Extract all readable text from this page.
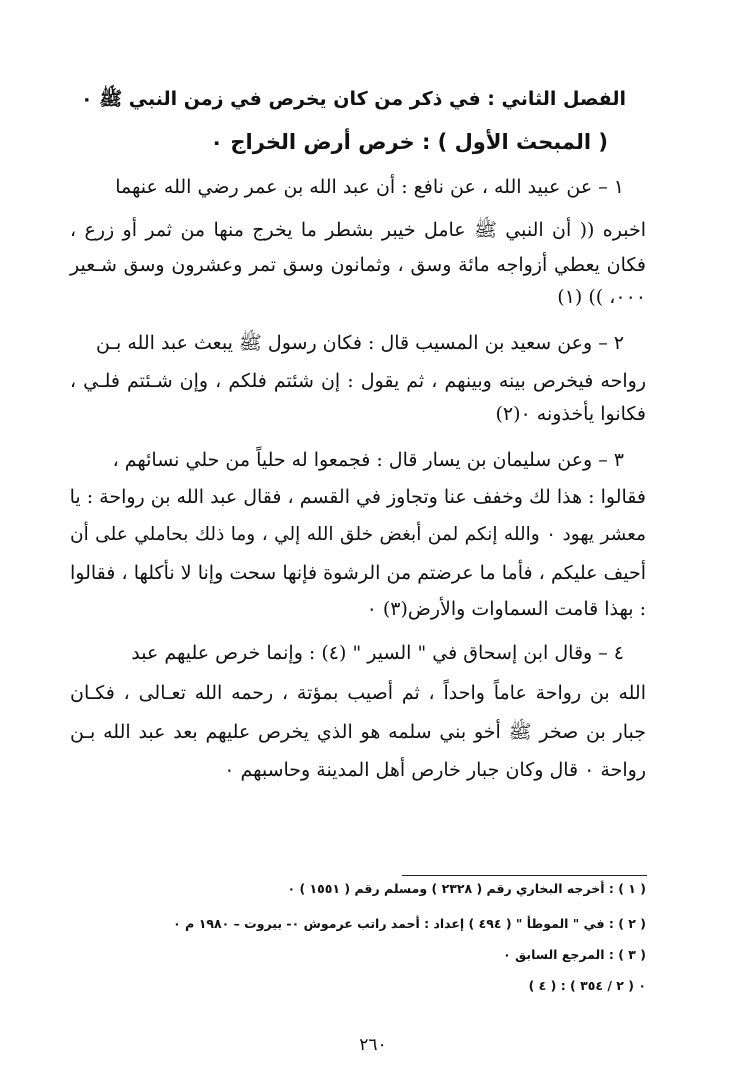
الفصل الثاني : في ذكر من كان يخرص في زمن النبي ﷺ ٠
( المبحث الأول ) : خرص أرض الخراج ٠
١ – عن عبيد الله ، عن نافع : أن عبد الله بن عمر رضي الله عنهما
اخبره (( أن النبي ﷺ عامل خيبر بشطر ما يخرج منها من ثمر أو زرع ،
فكان يعطي أزواجه مائة وسق ، وثمانون وسق تمر وعشرون وسق شـعير
٠٠٠، )) (١)
٢ – وعن سعيد بن المسيب قال : فكان رسول ﷺ يبعث عبد الله بـن
رواحه فيخرص بينه وبينهم ، ثم يقول : إن شئتم فلكم ، وإن شـئتم فلـي ،
فكانوا يأخذونه ٠(٢)
٣ – وعن سليمان بن يسار قال : فجمعوا له حلياً من حلي نسائهم ،
فقالوا : هذا لك وخفف عنا وتجاوز في القسم ، فقال عبد الله بن رواحة : يا
معشر يهود ٠ والله إنكم لمن أبغض خلق الله إلي ، وما ذلك بحاملي على أن
أحيف عليكم ، فأما ما عرضتم من الرشوة فإنها سحت وإنا لا نأكلها ، فقالوا
: بهذا قامت السماوات والأرض(٣) ٠
٤ – وقال ابن إسحاق في " السير " (٤) : وإنما خرص عليهم عبد
الله بن رواحة عاماً واحداً ، ثم أصيب بمؤتة ، رحمه الله تعـالى ، فكـان
جبار بن صخر ﷺ أخو بني سلمه هو الذي يخرص عليهم بعد عبد الله بـن
رواحة ٠ قال وكان جبار خارص أهل المدينة وحاسبهم ٠
( ١ ) : أخرجه البخاري رقم ( ٢٣٢٨ ) ومسلم رقم ( ١٥٥١ ) ٠
( ٢ ) : في " الموطأ " ( ٤٩٤ ) إعداد : أحمد راتب عرموش ٠- بيروت – ١٩٨٠ م ٠
( ٣ ) : المرجع السابق ٠
( ٤ ) : ( ٢ / ٣٥٤ ) ٠
٢٦٠
